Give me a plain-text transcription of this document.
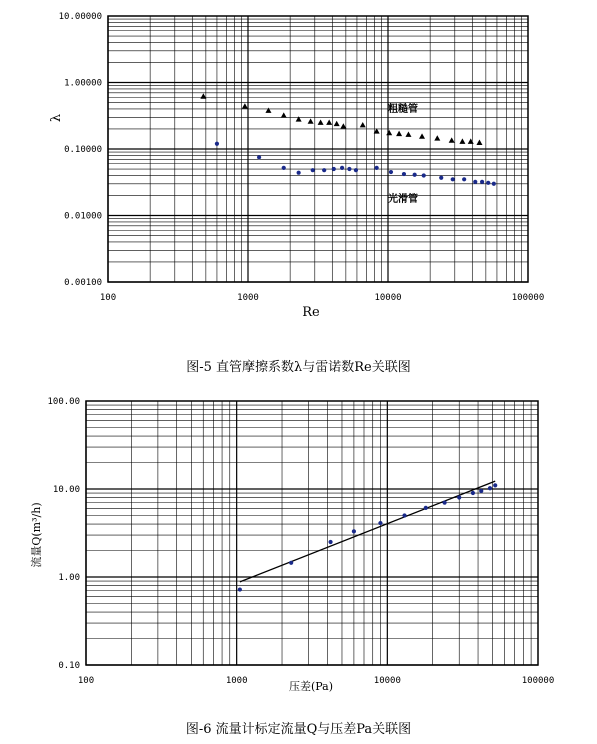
100	1000	10000	100000
0.00100
0.01000
0.10000
1.00000
10.00000
Re
λ
粗糙管
光滑管
图-5 直管摩擦系数λ与雷诺数Re关联图
100	1000	10000	100000
0.10
1.00
10.00
100.00
压差(Pa)
流量Q(m³/h)
图-6 流量计标定流量Q与压差Pa关联图
